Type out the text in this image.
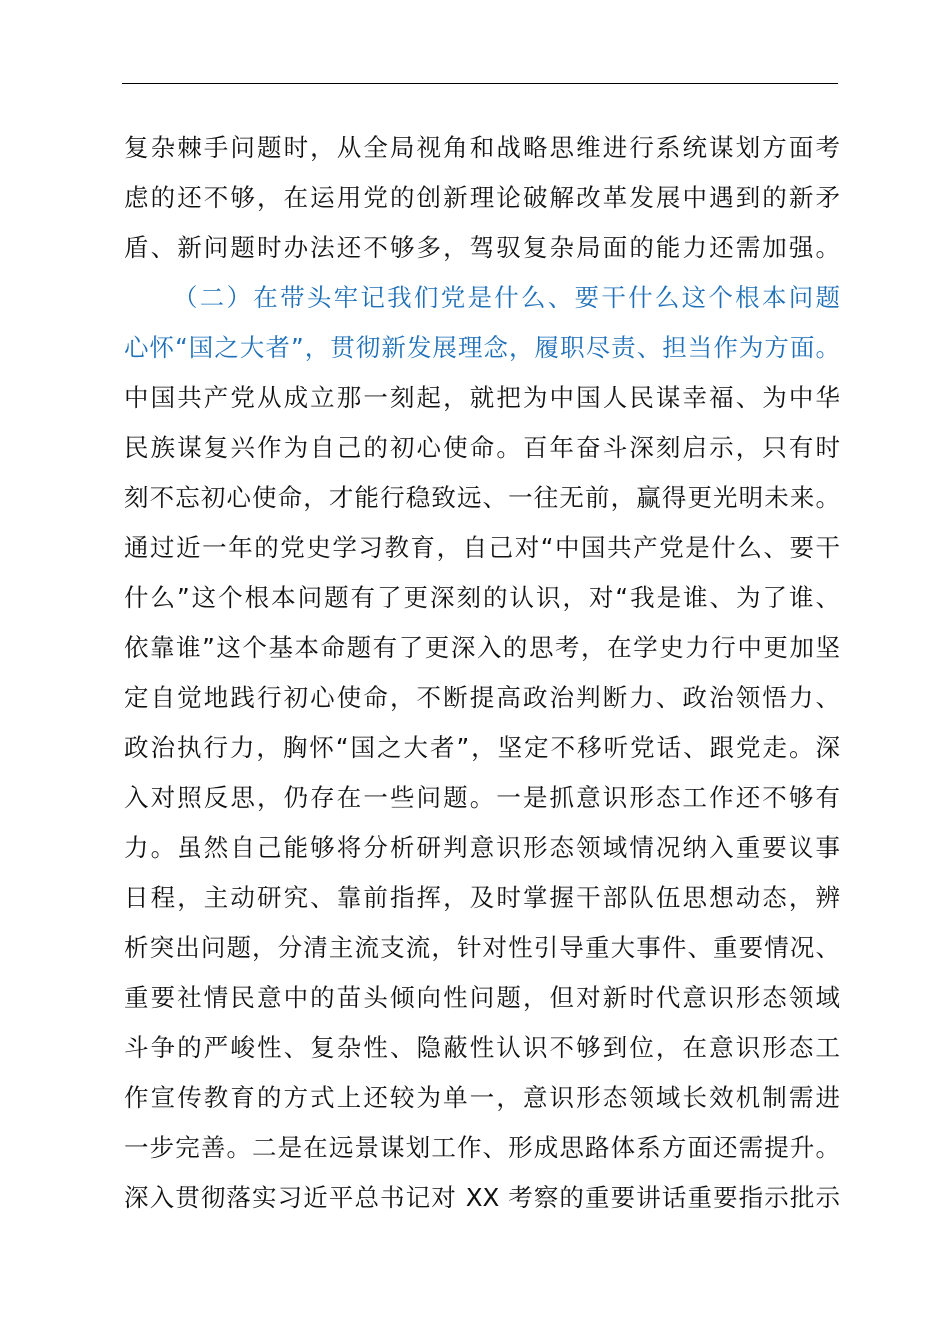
复杂棘手问题时，从全局视角和战略思维进行系统谋划方面考
虑的还不够，在运用党的创新理论破解改革发展中遇到的新矛
盾、新问题时办法还不够多，驾驭复杂局面的能力还需加强。
（二）在带头牢记我们党是什么、要干什么这个根本问题
心怀“国之大者”，贯彻新发展理念，履职尽责、担当作为方面。
中国共产党从成立那一刻起，就把为中国人民谋幸福、为中华
民族谋复兴作为自己的初心使命。百年奋斗深刻启示，只有时
刻不忘初心使命，才能行稳致远、一往无前，赢得更光明未来。
通过近一年的党史学习教育，自己对“中国共产党是什么、要干
什么”这个根本问题有了更深刻的认识，对“我是谁、为了谁、
依靠谁”这个基本命题有了更深入的思考，在学史力行中更加坚
定自觉地践行初心使命，不断提高政治判断力、政治领悟力、
政治执行力，胸怀“国之大者”，坚定不移听党话、跟党走。深
入对照反思，仍存在一些问题。一是抓意识形态工作还不够有
力。虽然自己能够将分析研判意识形态领域情况纳入重要议事
日程，主动研究、靠前指挥，及时掌握干部队伍思想动态，辨
析突出问题，分清主流支流，针对性引导重大事件、重要情况、
重要社情民意中的苗头倾向性问题，但对新时代意识形态领域
斗争的严峻性、复杂性、隐蔽性认识不够到位，在意识形态工
作宣传教育的方式上还较为单一，意识形态领域长效机制需进
一步完善。二是在远景谋划工作、形成思路体系方面还需提升。
深入贯彻落实习近平总书记对 XX 考察的重要讲话重要指示批示
